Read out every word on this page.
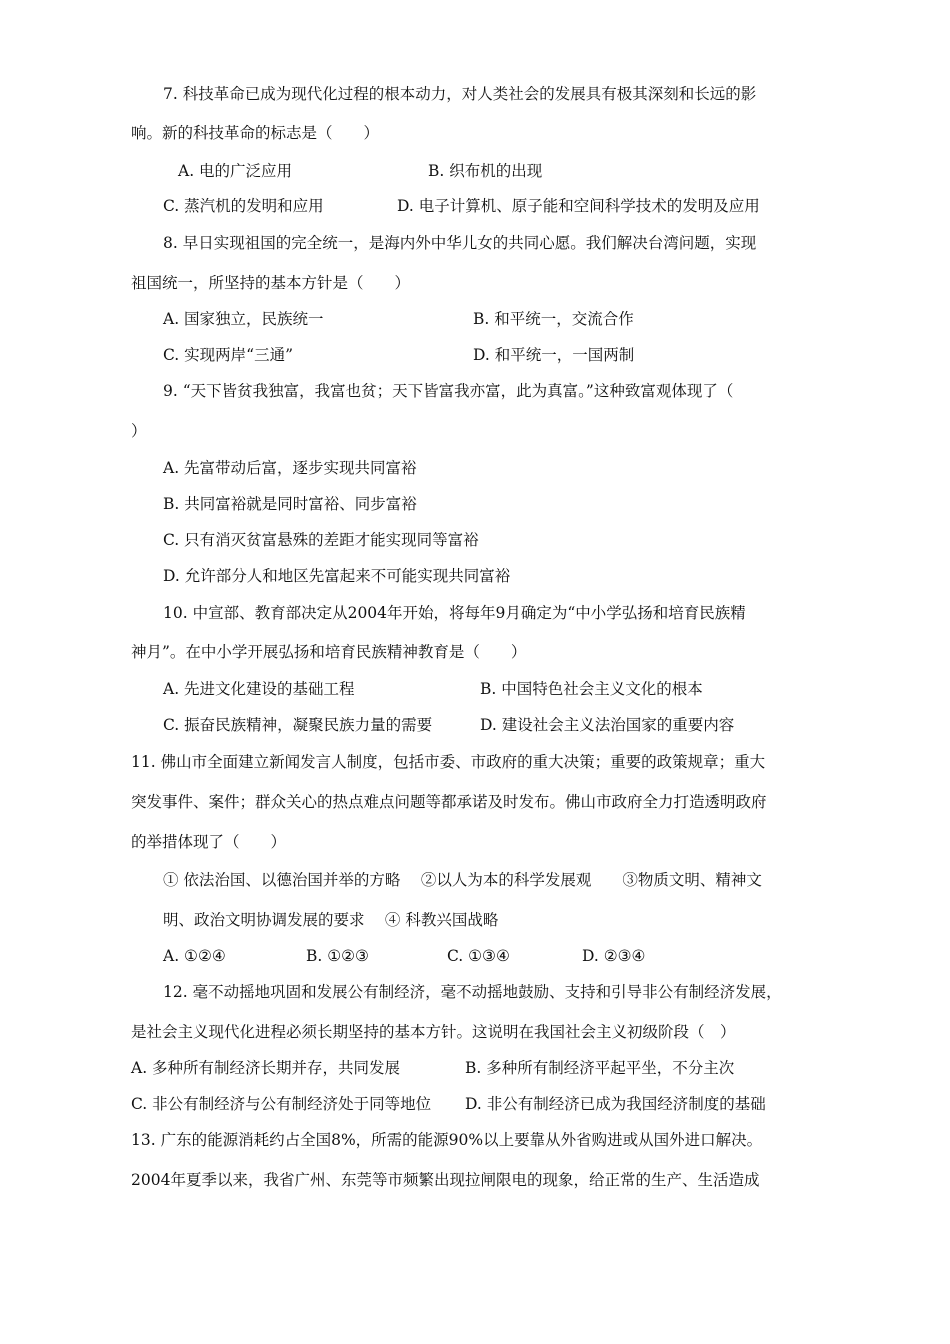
7. 科技革命已成为现代化过程的根本动力，对人类社会的发展具有极其深刻和长远的影
响。新的科技革命的标志是（　　）
A. 电的广泛应用	B. 织布机的出现
C. 蒸汽机的发明和应用	D. 电子计算机、原子能和空间科学技术的发明及应用
8. 早日实现祖国的完全统一，是海内外中华儿女的共同心愿。我们解决台湾问题，实现
祖国统一，所坚持的基本方针是（　　）
A. 国家独立，民族统一	B. 和平统一，交流合作
C. 实现两岸“三通”	D. 和平统一，一国两制
9. “天下皆贫我独富，我富也贫；天下皆富我亦富，此为真富。”这种致富观体现了（
）
A. 先富带动后富，逐步实现共同富裕
B. 共同富裕就是同时富裕、同步富裕
C. 只有消灭贫富悬殊的差距才能实现同等富裕
D. 允许部分人和地区先富起来不可能实现共同富裕
10. 中宣部、教育部决定从2004年开始，将每年9月确定为“中小学弘扬和培育民族精
神月”。在中小学开展弘扬和培育民族精神教育是（　　）
A. 先进文化建设的基础工程	B. 中国特色社会主义文化的根本
C. 振奋民族精神，凝聚民族力量的需要	D. 建设社会主义法治国家的重要内容
11. 佛山市全面建立新闻发言人制度，包括市委、市政府的重大决策；重要的政策规章；重大
突发事件、案件；群众关心的热点难点问题等都承诺及时发布。佛山市政府全力打造透明政府
的举措体现了（　　）
① 依法治国、以德治国并举的方略　 ②以人为本的科学发展观　　③物质文明、精神文
明、政治文明协调发展的要求　 ④ 科教兴国战略
A. ①②④	B. ①②③	C. ①③④	D. ②③④
12. 毫不动摇地巩固和发展公有制经济，毫不动摇地鼓励、支持和引导非公有制经济发展，
是社会主义现代化进程必须长期坚持的基本方针。这说明在我国社会主义初级阶段（　）
A. 多种所有制经济长期并存，共同发展	B. 多种所有制经济平起平坐，不分主次
C. 非公有制经济与公有制经济处于同等地位 D. 非公有制经济已成为我国经济制度的基础
13. 广东的能源消耗约占全国8%，所需的能源90%以上要靠从外省购进或从国外进口解决。
2004年夏季以来，我省广州、东莞等市频繁出现拉闸限电的现象，给正常的生产、生活造成
